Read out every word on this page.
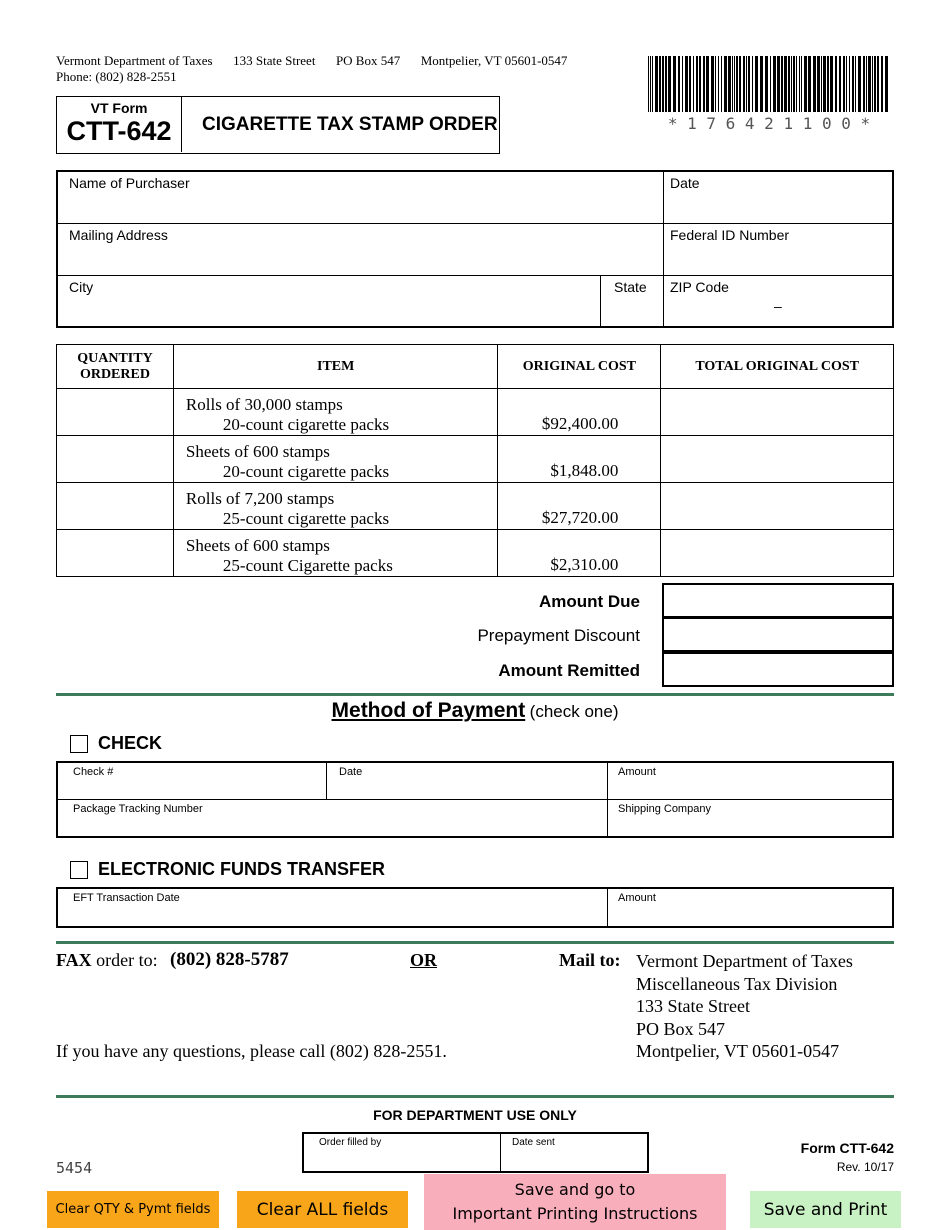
Vermont Department of Taxes 133 State Street PO Box 547 Montpelier, VT 05601-0547
Phone: (802) 828-2551
* 1 7 6 4 2 1 1 0 0 *
VT Form
CTT-642	CIGARETTE TAX STAMP ORDER
Name of Purchaser	Date
Mailing Address	Federal ID Number
City	State ZIP Code
–
QUANTITY
ORDERED	ITEM	ORIGINAL COST	TOTAL ORIGINAL COST

	Rolls of 30,000 stamps
20-count cigarette packs	$92,400.00	

	Sheets of 600 stamps
20-count cigarette packs	$1,848.00	

	Rolls of 7,200 stamps
25-count cigarette packs	$27,720.00	

	Sheets of 600 stamps
25-count Cigarette packs	$2,310.00	

Amount Due
Prepayment Discount
Amount Remitted
Method of Payment (check one)
CHECK
Check #	Date	Amount
Package Tracking Number	Shipping Company
ELECTRONIC FUNDS TRANSFER
EFT Transaction Date	Amount
FAX order to: (802) 828-5787	OR	Mail to: Vermont Department of Taxes
Miscellaneous Tax Division
133 State Street
PO Box 547
Montpelier, VT 05601-0547
If you have any questions, please call (802) 828-2551.
FOR DEPARTMENT USE ONLY
Order filled by	Date sent
5454
Form CTT-642
Rev. 10/17
Clear QTY & Pymt fields	Clear ALL fields
Save and go to
Important Printing Instructions	Save and Print
